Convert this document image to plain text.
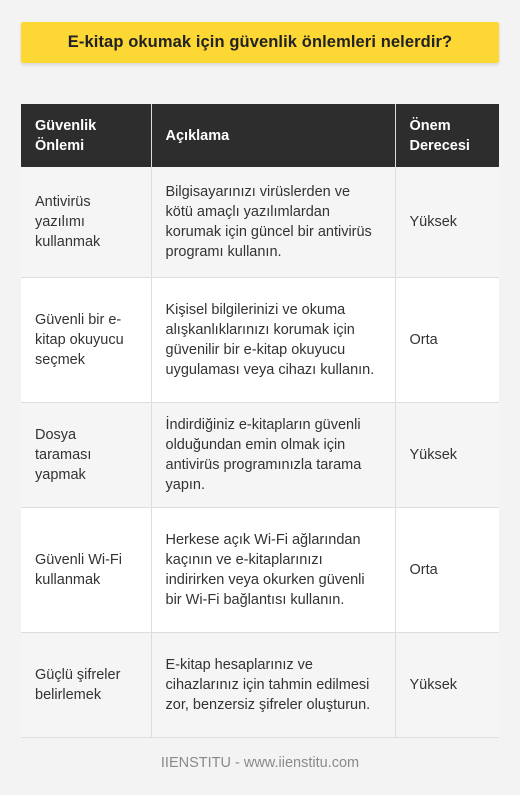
E-kitap okumak için güvenlik önlemleri nelerdir?
Güvenlik Önlemi	Açıklama	Önem Derecesi
Antivirüs yazılımı kullanmak	Bilgisayarınızı virüslerden ve kötü amaçlı yazılımlardan korumak için güncel bir antivirüs programı kullanın.	Yüksek
Güvenli bir e-kitap okuyucu seçmek	Kişisel bilgilerinizi ve okuma alışkanlıklarınızı korumak için güvenilir bir e-kitap okuyucu uygulaması veya cihazı kullanın.	Orta
Dosya taraması yapmak	İndirdiğiniz e-kitapların güvenli olduğundan emin olmak için antivirüs programınızla tarama yapın.	Yüksek
Güvenli Wi-Fi kullanmak	Herkese açık Wi-Fi ağlarından kaçının ve e-kitaplarınızı indirirken veya okurken güvenli bir Wi-Fi bağlantısı kullanın.	Orta
Güçlü şifreler belirlemek	E-kitap hesaplarınız ve cihazlarınız için tahmin edilmesi zor, benzersiz şifreler oluşturun.	Yüksek
IIENSTITU - www.iienstitu.com
